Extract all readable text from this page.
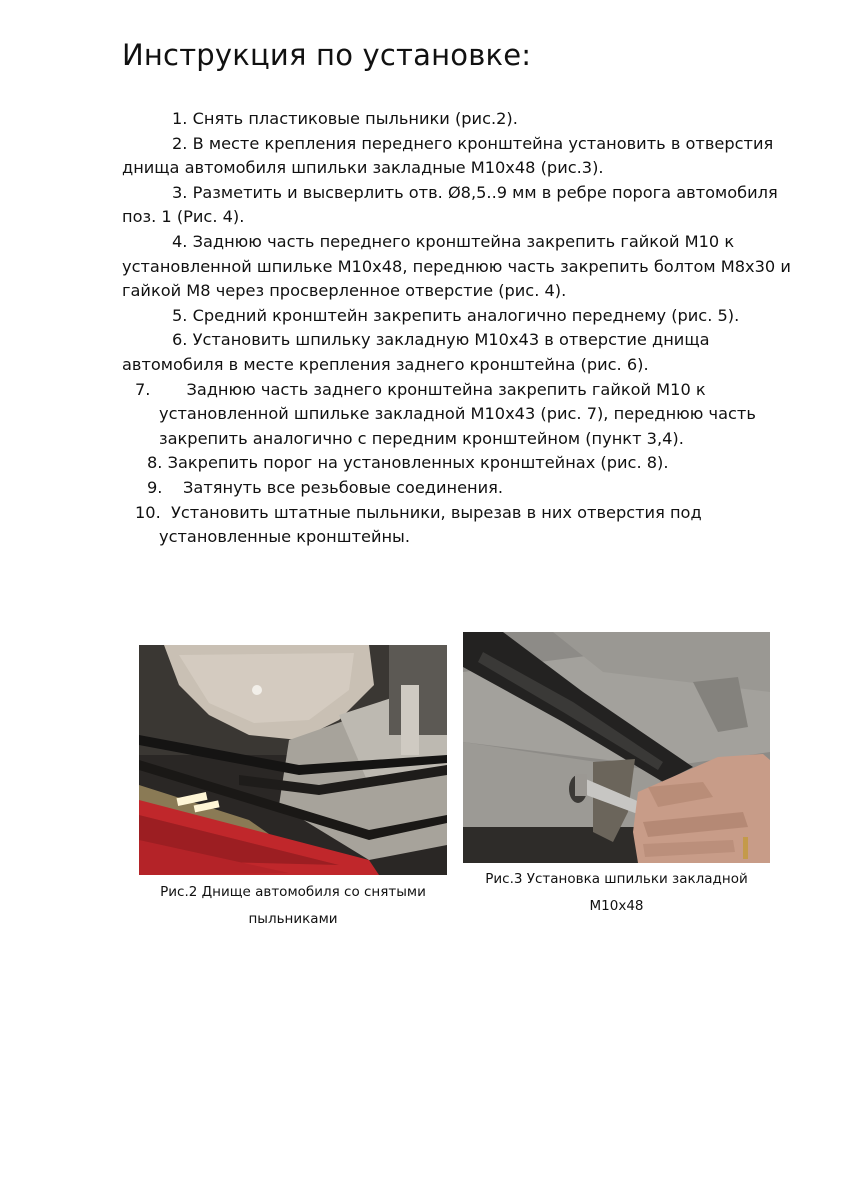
Инструкция по установке:

1. Снять пластиковые пыльники (рис.2).

2. В месте крепления переднего кронштейна установить в отверстия днища автомобиля шпильки закладные М10х48 (рис.3).

3. Разметить и высверлить отв. Ø8,5..9 мм в ребре порога автомобиля поз. 1 (Рис. 4).

4. Заднюю часть переднего кронштейна закрепить гайкой М10 к установленной шпильке М10х48, переднюю часть закрепить болтом М8х30 и гайкой М8 через просверленное отверстие (рис. 4).

5. Средний кронштейн закрепить аналогично переднему (рис. 5).

6. Установить шпильку закладную М10х43 в отверстие днища автомобиля в месте крепления заднего кронштейна (рис. 6).

7. Заднюю часть заднего кронштейна закрепить гайкой М10 к установленной шпильке закладной М10х43 (рис. 7), переднюю часть закрепить аналогично с передним кронштейном (пункт 3,4).

8. Закрепить порог на установленных кронштейнах (рис. 8).

9. Затянуть все резьбовые соединения.

10. Установить штатные пыльники, вырезав в них отверстия под установленные кронштейны.

Рис.2 Днище автомобиля со снятыми
пыльниками
Рис.3 Установка шпильки закладной
М10х48
